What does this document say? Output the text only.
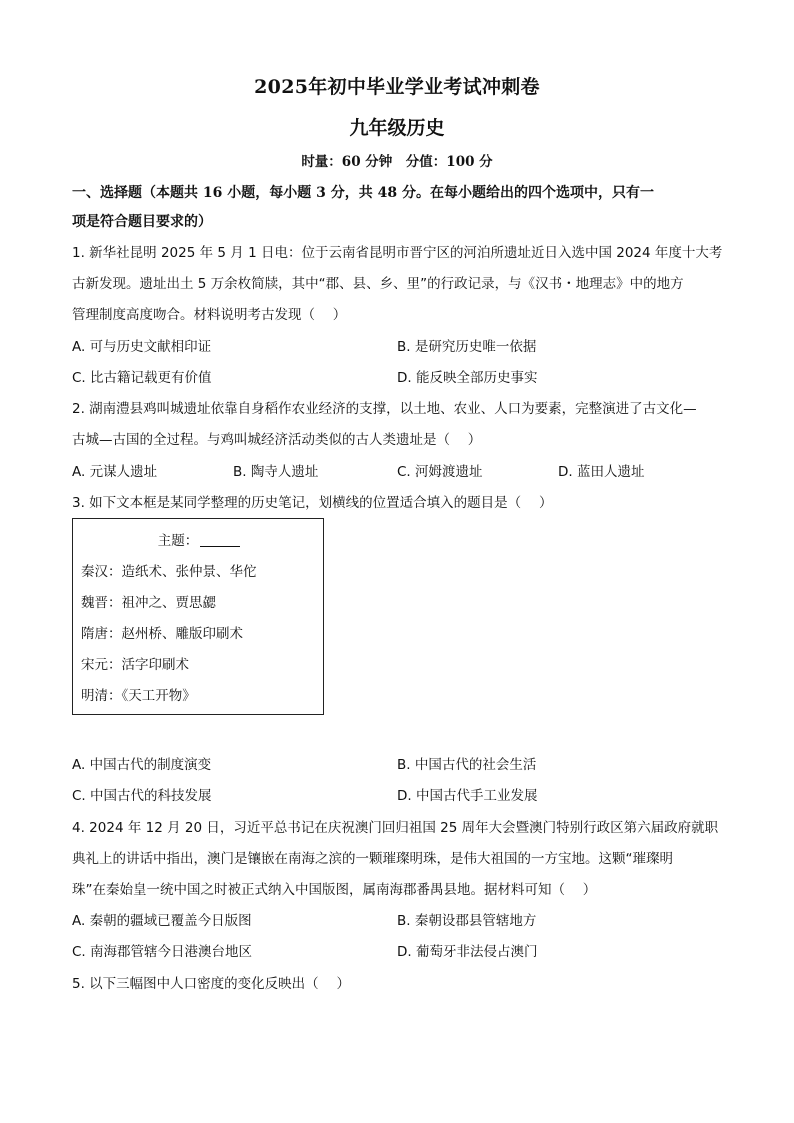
2025年初中毕业学业考试冲刺卷
九年级历史
时量：60 分钟　分值：100 分
一、选择题（本题共 16 小题，每小题 3 分，共 48 分。在每小题给出的四个选项中，只有一
项是符合题目要求的）
1. 新华社昆明 2025 年 5 月 1 日电：位于云南省昆明市晋宁区的河泊所遗址近日入选中国 2024 年度十大考
古新发现。遗址出土 5 万余枚简牍，其中“郡、县、乡、里”的行政记录，与《汉书・地理志》中的地方
管理制度高度吻合。材料说明考古发现（　 ）
A. 可与历史文献相印证	B. 是研究历史唯一依据
C. 比古籍记载更有价值	D. 能反映全部历史事实
2. 湖南澧县鸡叫城遗址依靠自身稻作农业经济的支撑，以土地、农业、人口为要素，完整演进了古文化—
古城—古国的全过程。与鸡叫城经济活动类似的古人类遗址是（　 ）
A. 元谋人遗址	B. 陶寺人遗址	C. 河姆渡遗址	D. 蓝田人遗址
3. 如下文本框是某同学整理的历史笔记，划横线的位置适合填入的题目是（　 ）
主题：
秦汉：造纸术、张仲景、华佗
魏晋：祖冲之、贾思勰
隋唐：赵州桥、雕版印刷术
宋元：活字印刷术
明清：《天工开物》
A. 中国古代的制度演变	B. 中国古代的社会生活
C. 中国古代的科技发展	D. 中国古代手工业发展
4. 2024 年 12 月 20 日，习近平总书记在庆祝澳门回归祖国 25 周年大会暨澳门特别行政区第六届政府就职
典礼上的讲话中指出，澳门是镶嵌在南海之滨的一颗璀璨明珠，是伟大祖国的一方宝地。这颗“璀璨明
珠”在秦始皇一统中国之时被正式纳入中国版图，属南海郡番禺县地。据材料可知（　 ）
A. 秦朝的疆域已覆盖今日版图	B. 秦朝设郡县管辖地方
C. 南海郡管辖今日港澳台地区	D. 葡萄牙非法侵占澳门
5. 以下三幅图中人口密度的变化反映出（　 ）
